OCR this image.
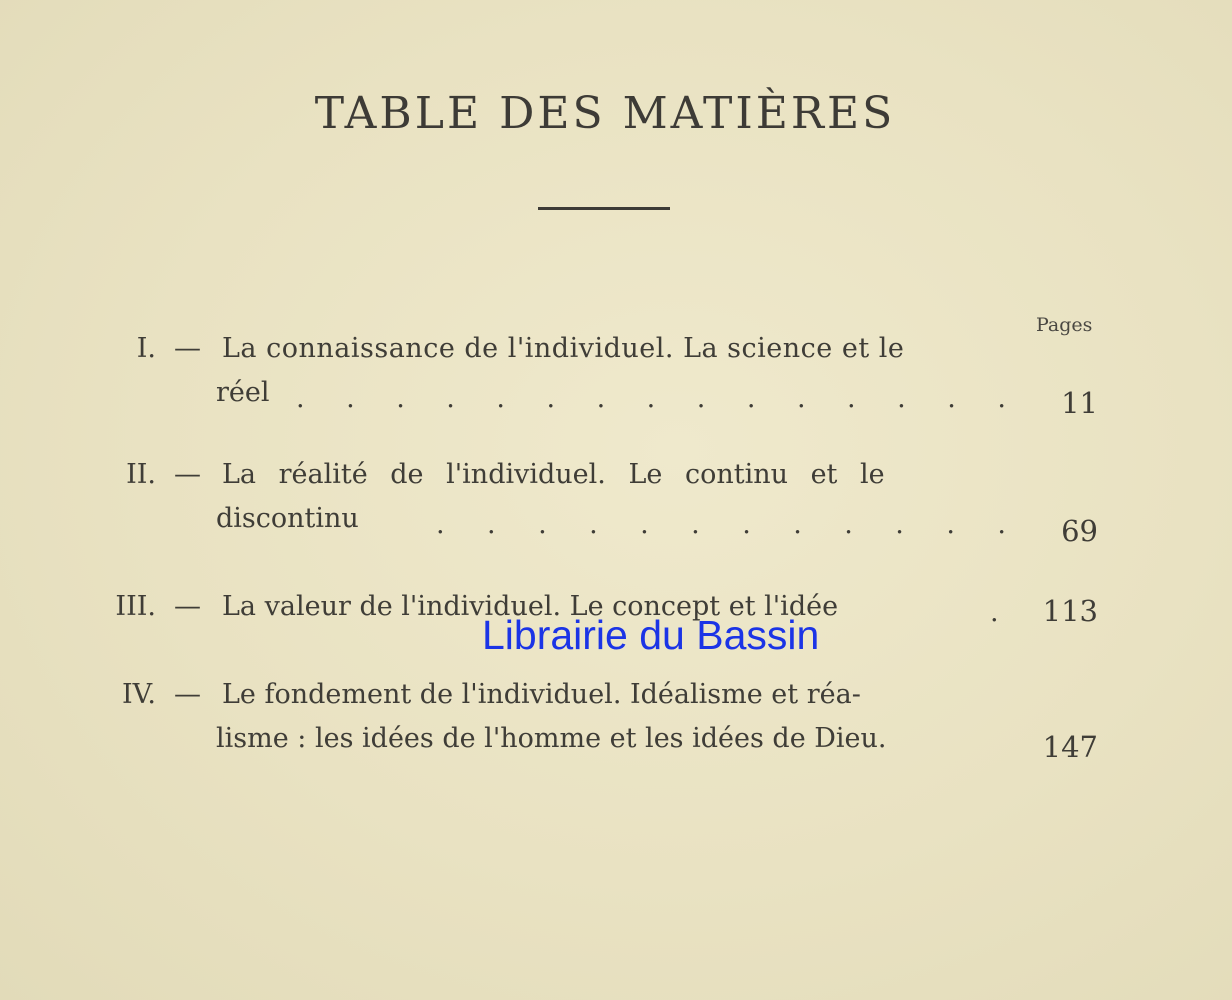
TABLE DES MATIÈRES
Pages
I. — La connaissance de l'individuel. La science et le
réel . . . . . . . . . . . . . . .	11
II. — La réalité de l'individuel. Le continu et le
discontinu	. . . . . . . . . . . .	69
III. — La valeur de l'individuel. Le concept et l'idée	.	113
IV. — Le fondement de l'individuel. Idéalisme et réa-
lisme : les idées de l'homme et les idées de Dieu.	147
Librairie du Bassin
